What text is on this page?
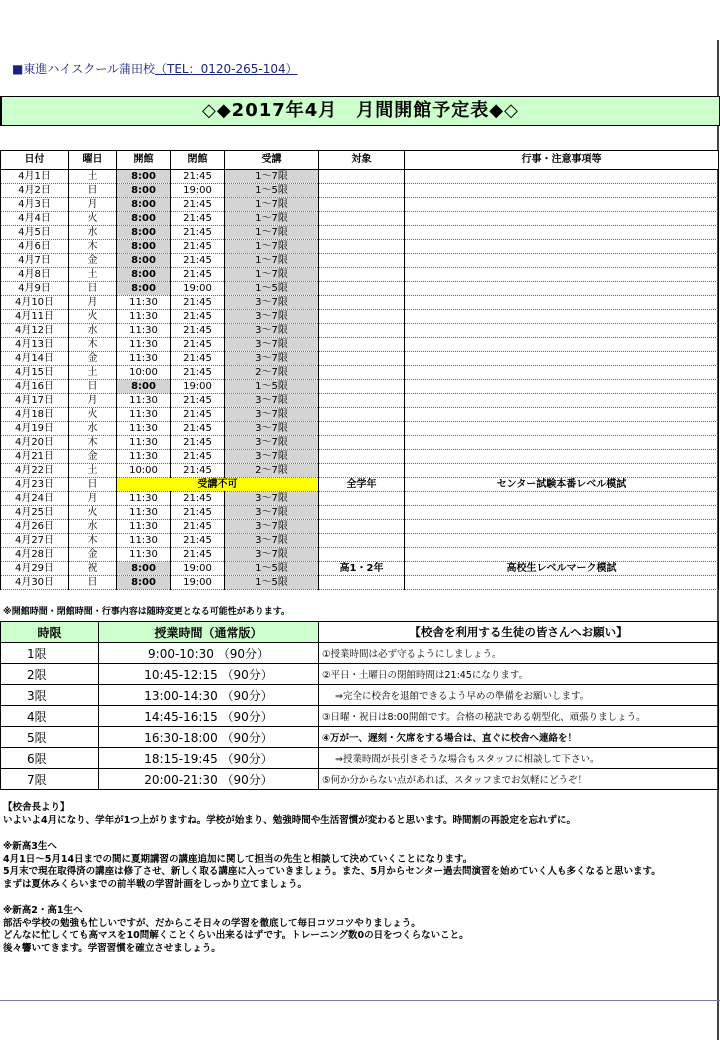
■東進ハイスクール蒲田校（TEL：0120-265-104）
◇◆2017年4月　月間開館予定表◆◇
日付	曜日	開館	閉館	受講	対象	行事・注意事項等
4月1日	土	8:00	21:45	1〜7限		
4月2日	日	8:00	19:00	1〜5限		
4月3日	月	8:00	21:45	1〜7限		
4月4日	火	8:00	21:45	1〜7限		
4月5日	水	8:00	21:45	1〜7限		
4月6日	木	8:00	21:45	1〜7限		
4月7日	金	8:00	21:45	1〜7限		
4月8日	土	8:00	21:45	1〜7限		
4月9日	日	8:00	19:00	1〜5限		
4月10日	月	11:30	21:45	3〜7限		
4月11日	火	11:30	21:45	3〜7限		
4月12日	水	11:30	21:45	3〜7限		
4月13日	木	11:30	21:45	3〜7限		
4月14日	金	11:30	21:45	3〜7限		
4月15日	土	10:00	21:45	2〜7限		
4月16日	日	8:00	19:00	1〜5限		
4月17日	月	11:30	21:45	3〜7限		
4月18日	火	11:30	21:45	3〜7限		
4月19日	水	11:30	21:45	3〜7限		
4月20日	木	11:30	21:45	3〜7限		
4月21日	金	11:30	21:45	3〜7限		
4月22日	土	10:00	21:45	2〜7限		
4月23日	日	受講不可			全学年	センター試験本番レベル模試
4月24日	月	11:30	21:45	3〜7限		
4月25日	火	11:30	21:45	3〜7限		
4月26日	水	11:30	21:45	3〜7限		
4月27日	木	11:30	21:45	3〜7限		
4月28日	金	11:30	21:45	3〜7限		
4月29日	祝	8:00	19:00	1〜5限	高1・2年	高校生レベルマーク模試
4月30日	日	8:00	19:00	1〜5限		
※開館時間・閉館時間・行事内容は随時変更となる可能性があります。
時限	授業時間（通常版）	【校舎を利用する生徒の皆さんへお願い】
1限	9:00-10:30 （90分）	①授業時間は必ず守るようにしましょう。
2限	10:45-12:15 （90分）	②平日・土曜日の閉館時間は21:45になります。
3限	13:00-14:30 （90分）	⇒完全に校舎を退館できるよう早めの準備をお願いします。
4限	14:45-16:15 （90分）	③日曜・祝日は8:00開館です。合格の秘訣である朝型化、頑張りましょう。
5限	16:30-18:00 （90分）	④万が一、遅刻・欠席をする場合は、直ぐに校舎へ連絡を！
6限	18:15-19:45 （90分）	⇒授業時間が長引きそうな場合もスタッフに相談して下さい。
7限	20:00-21:30 （90分）	⑤何か分からない点があれば、スタッフまでお気軽にどうぞ！
【校舎長より】
いよいよ4月になり、学年が1つ上がりますね。学校が始まり、勉強時間や生活習慣が変わると思います。時間割の再設定を忘れずに。
※新高3生へ
4月1日〜5月14日までの間に夏期講習の講座追加に関して担当の先生と相談して決めていくことになります。
5月末で現在取得済の講座は修了させ、新しく取る講座に入っていきましょう。また、5月からセンター過去問演習を始めていく人も多くなると思います。
まずは夏休みくらいまでの前半戦の学習計画をしっかり立てましょう。
※新高2・高1生へ
部活や学校の勉強も忙しいですが、だからこそ日々の学習を徹底して毎日コツコツやりましょう。
どんなに忙しくても高マスを10問解くことくらい出来るはずです。トレーニング数0の日をつくらないこと。
後々響いてきます。学習習慣を確立させましょう。
